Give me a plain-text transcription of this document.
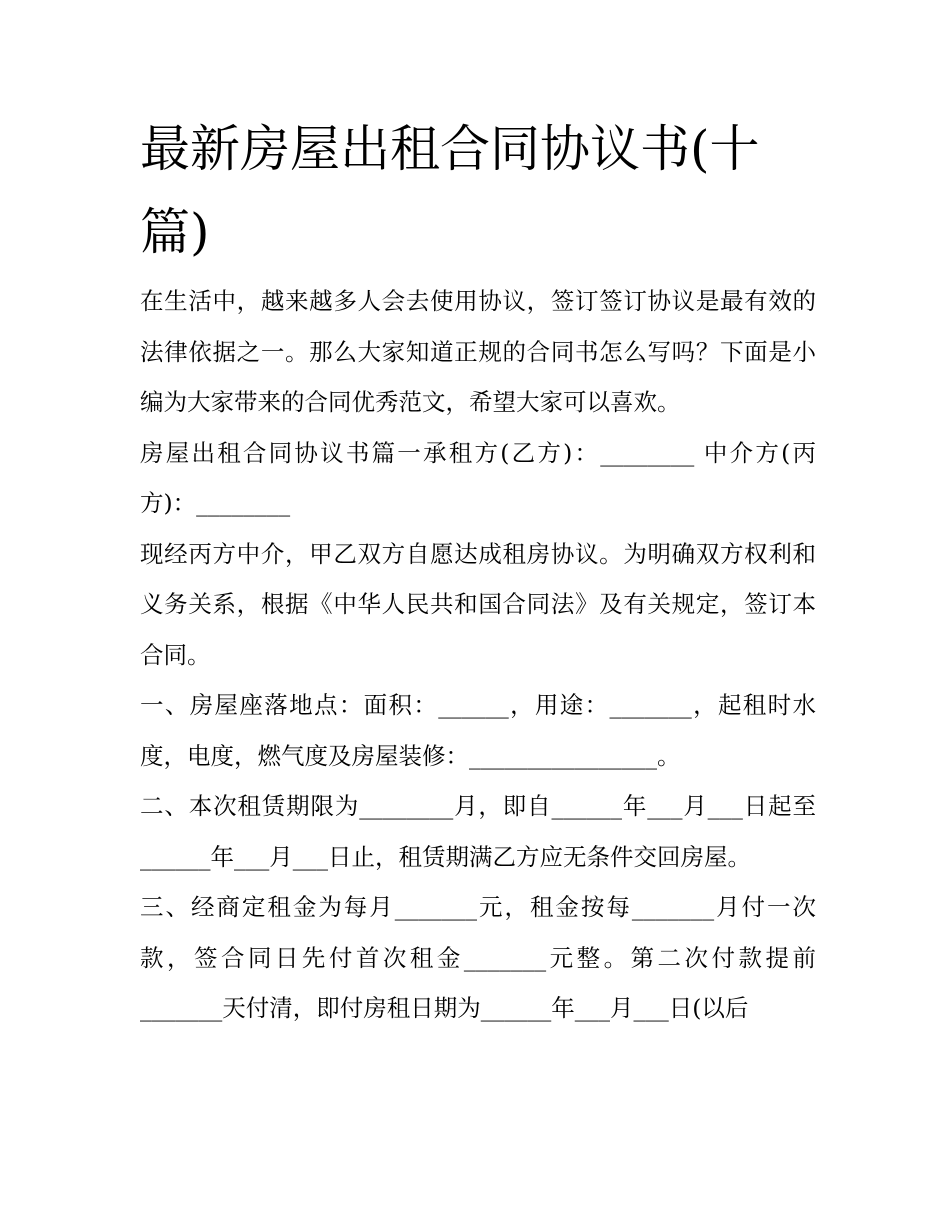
最新房屋出租合同协议书(十篇)

在生活中，越来越多人会去使用协议，签订签订协议是最有效的法律依据之一。那么大家知道正规的合同书怎么写吗？下面是小编为大家带来的合同优秀范文，希望大家可以喜欢。

房屋出租合同协议书篇一承租方(乙方)：________ 中介方(丙方)：________

现经丙方中介，甲乙双方自愿达成租房协议。为明确双方权利和义务关系，根据《中华人民共和国合同法》及有关规定，签订本合同。

一、房屋座落地点：面积：______，用途：_______，起租时水度，电度，燃气度及房屋装修：________________。

二、本次租赁期限为________月，即自______年___月___日起至______年___月___日止，租赁期满乙方应无条件交回房屋。

三、经商定租金为每月_______元，租金按每_______月付一次款，签合同日先付首次租金_______元整。第二次付款提前_______天付清，即付房租日期为______年___月___日(以后
